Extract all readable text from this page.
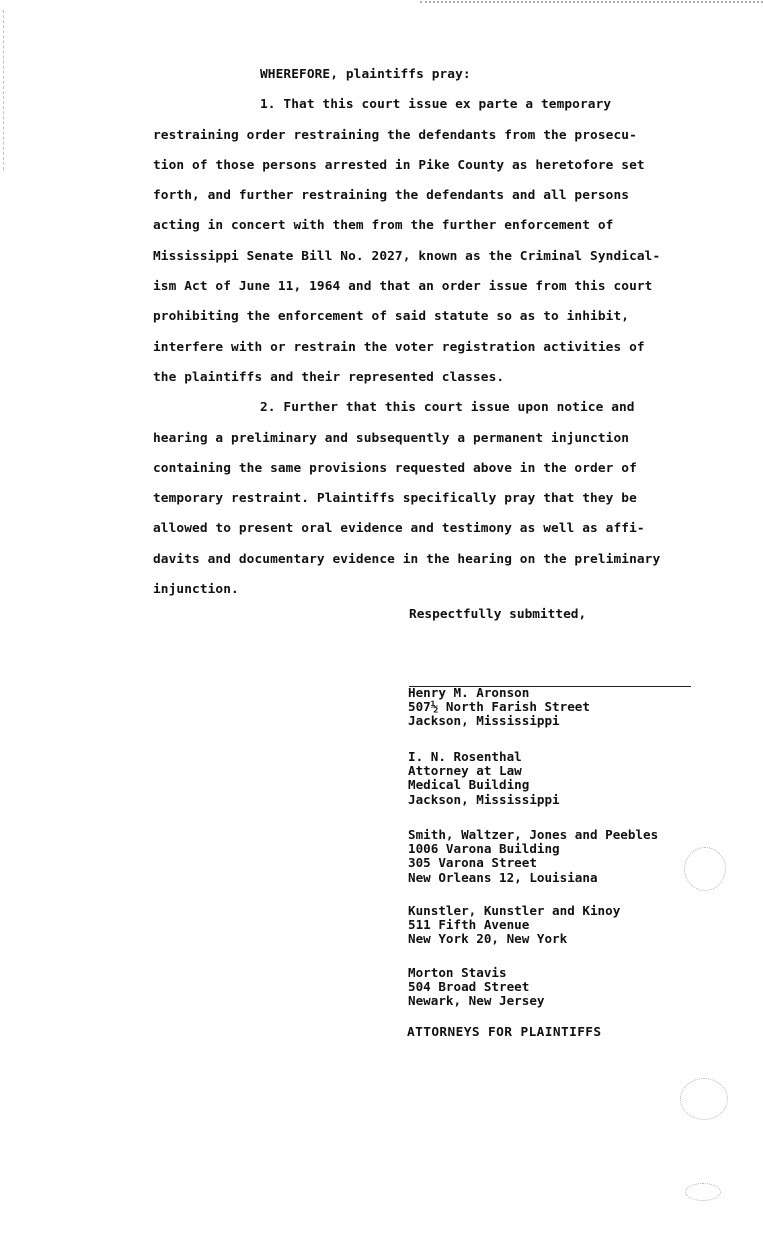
WHEREFORE, plaintiffs pray:
1. That this court issue ex parte a temporary
restraining order restraining the defendants from the prosecu-
tion of those persons arrested in Pike County as heretofore set
forth, and further restraining the defendants and all persons
acting in concert with them from the further enforcement of
Mississippi Senate Bill No. 2027, known as the Criminal Syndical-
ism Act of June 11, 1964 and that an order issue from this court
prohibiting the enforcement of said statute so as to inhibit,
interfere with or restrain the voter registration activities of
the plaintiffs and their represented classes.
2. Further that this court issue upon notice and
hearing a preliminary and subsequently a permanent injunction
containing the same provisions requested above in the order of
temporary restraint. Plaintiffs specifically pray that they be
allowed to present oral evidence and testimony as well as affi-
davits and documentary evidence in the hearing on the preliminary
injunction.
Respectfully submitted,
Henry M. Aronson
507½ North Farish Street
Jackson, Mississippi
I. N. Rosenthal
Attorney at Law
Medical Building
Jackson, Mississippi
Smith, Waltzer, Jones and Peebles
1006 Varona Building
305 Varona Street
New Orleans 12, Louisiana
Kunstler, Kunstler and Kinoy
511 Fifth Avenue
New York 20, New York
Morton Stavis
504 Broad Street
Newark, New Jersey
ATTORNEYS FOR PLAINTIFFS
